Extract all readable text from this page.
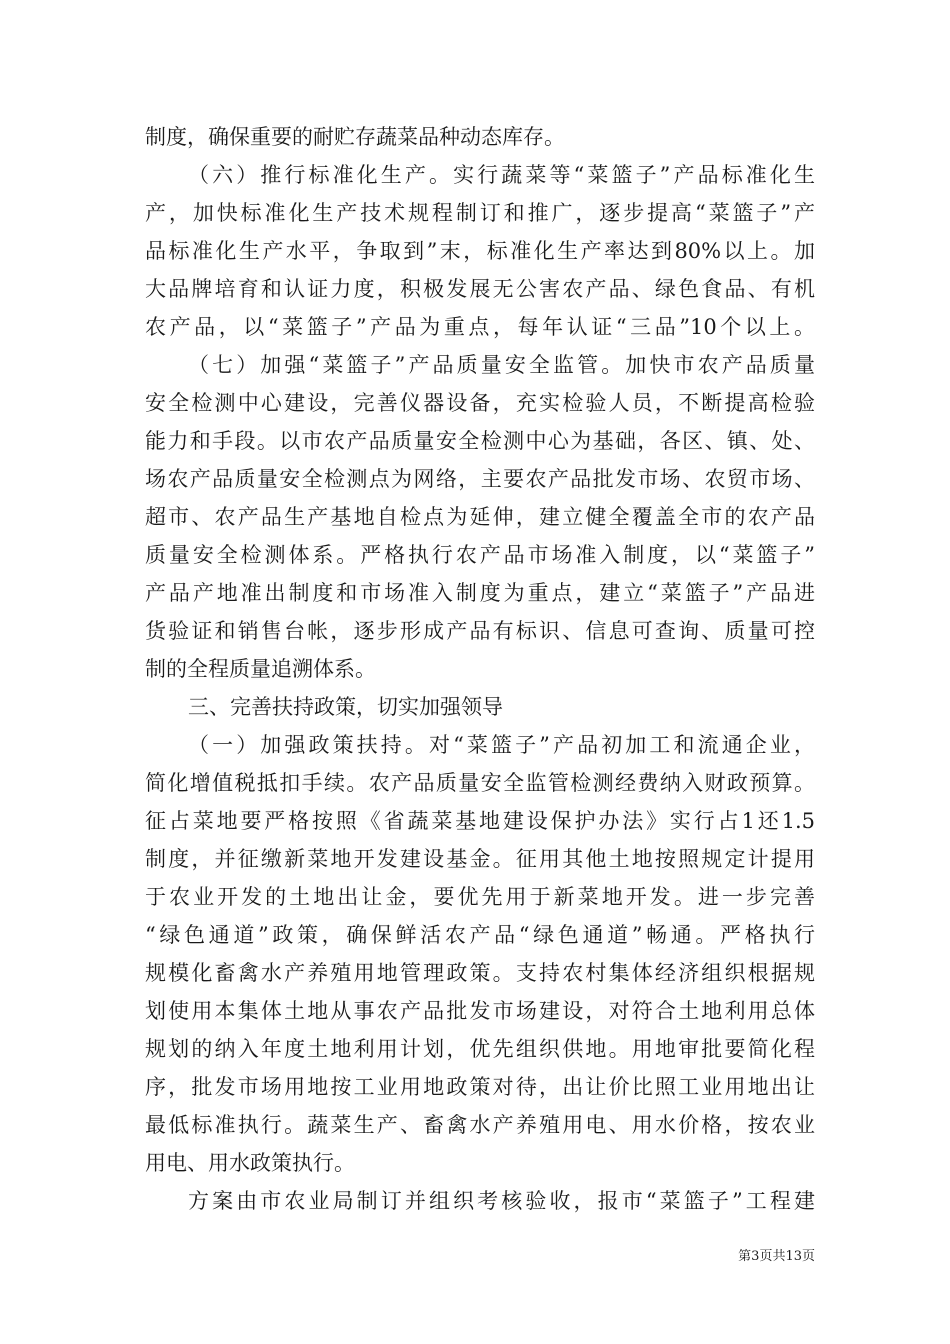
制度，确保重要的耐贮存蔬菜品种动态库存。
（六）推行标准化生产。实行蔬菜等“菜篮子”产品标准化生
产，加快标准化生产技术规程制订和推广，逐步提高“菜篮子”产
品标准化生产水平，争取到”末，标准化生产率达到80%以上。加
大品牌培育和认证力度，积极发展无公害农产品、绿色食品、有机
农产品，以“菜篮子”产品为重点，每年认证“三品”10个以上。
（七）加强“菜篮子”产品质量安全监管。加快市农产品质量
安全检测中心建设，完善仪器设备，充实检验人员，不断提高检验
能力和手段。以市农产品质量安全检测中心为基础，各区、镇、处、
场农产品质量安全检测点为网络，主要农产品批发市场、农贸市场、
超市、农产品生产基地自检点为延伸，建立健全覆盖全市的农产品
质量安全检测体系。严格执行农产品市场准入制度，以“菜篮子”
产品产地准出制度和市场准入制度为重点，建立“菜篮子”产品进
货验证和销售台帐，逐步形成产品有标识、信息可查询、质量可控
制的全程质量追溯体系。
三、完善扶持政策，切实加强领导
（一）加强政策扶持。对“菜篮子”产品初加工和流通企业，
简化增值税抵扣手续。农产品质量安全监管检测经费纳入财政预算。
征占菜地要严格按照《省蔬菜基地建设保护办法》实行占1还1.5
制度，并征缴新菜地开发建设基金。征用其他土地按照规定计提用
于农业开发的土地出让金，要优先用于新菜地开发。进一步完善
“绿色通道”政策，确保鲜活农产品“绿色通道”畅通。严格执行
规模化畜禽水产养殖用地管理政策。支持农村集体经济组织根据规
划使用本集体土地从事农产品批发市场建设，对符合土地利用总体
规划的纳入年度土地利用计划，优先组织供地。用地审批要简化程
序，批发市场用地按工业用地政策对待，出让价比照工业用地出让
最低标准执行。蔬菜生产、畜禽水产养殖用电、用水价格，按农业
用电、用水政策执行。
方案由市农业局制订并组织考核验收，报市“菜篮子”工程建
第3页共13页
